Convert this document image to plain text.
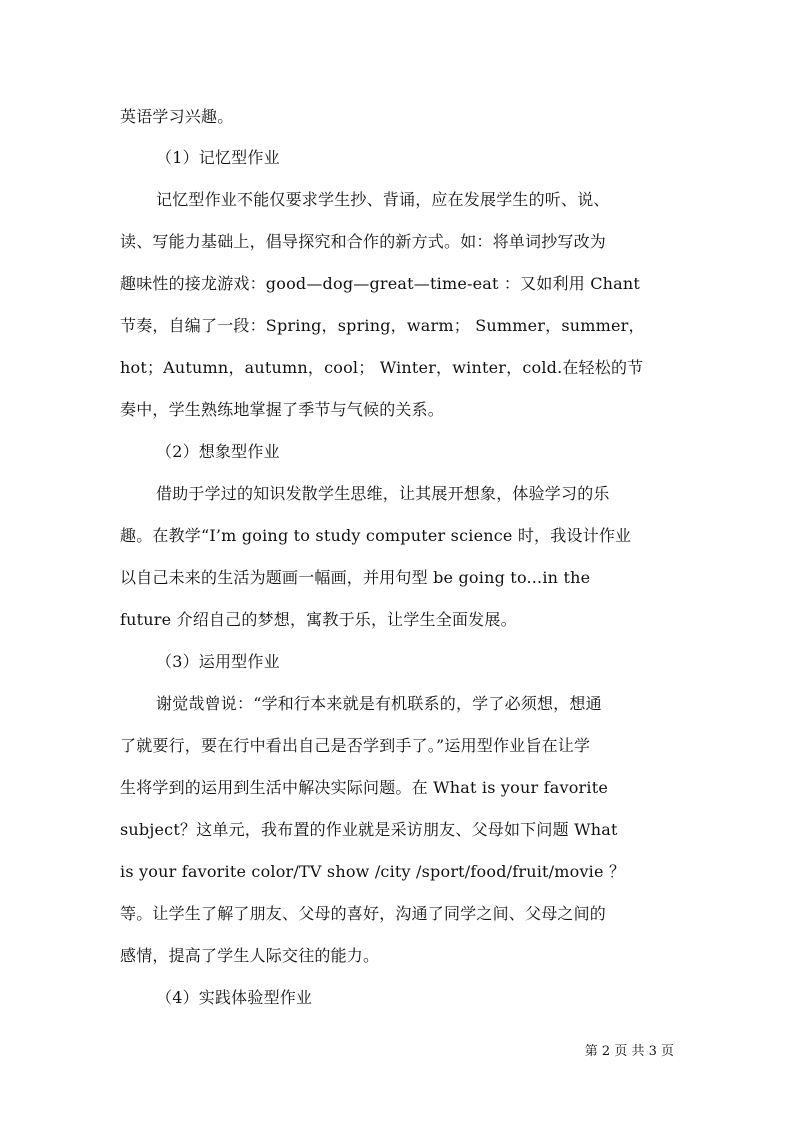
英语学习兴趣。
（1）记忆型作业
记忆型作业不能仅要求学生抄、背诵，应在发展学生的听、说、
读、写能力基础上，倡导探究和合作的新方式。如：将单词抄写改为
趣味性的接龙游戏：good—dog—great—time-eat ：又如利用 Chant
节奏，自编了一段：Spring，spring，warm； Summer，summer，
hot；Autumn，autumn，cool； Winter，winter，cold.在轻松的节
奏中，学生熟练地掌握了季节与气候的关系。
（2）想象型作业
借助于学过的知识发散学生思维，让其展开想象，体验学习的乐
趣。在教学“I’m going to study computer science 时，我设计作业
以自己未来的生活为题画一幅画，并用句型 be going to...in the
future 介绍自己的梦想，寓教于乐，让学生全面发展。
（3）运用型作业
谢觉哉曾说：“学和行本来就是有机联系的，学了必须想，想通
了就要行，要在行中看出自己是否学到手了。”运用型作业旨在让学
生将学到的运用到生活中解决实际问题。在 What is your favorite
subject？这单元，我布置的作业就是采访朋友、父母如下问题 What
is your favorite color/TV show /city /sport/food/fruit/movie ？
等。让学生了解了朋友、父母的喜好，沟通了同学之间、父母之间的
感情，提高了学生人际交往的能力。
（4）实践体验型作业
第 2 页 共 3 页
